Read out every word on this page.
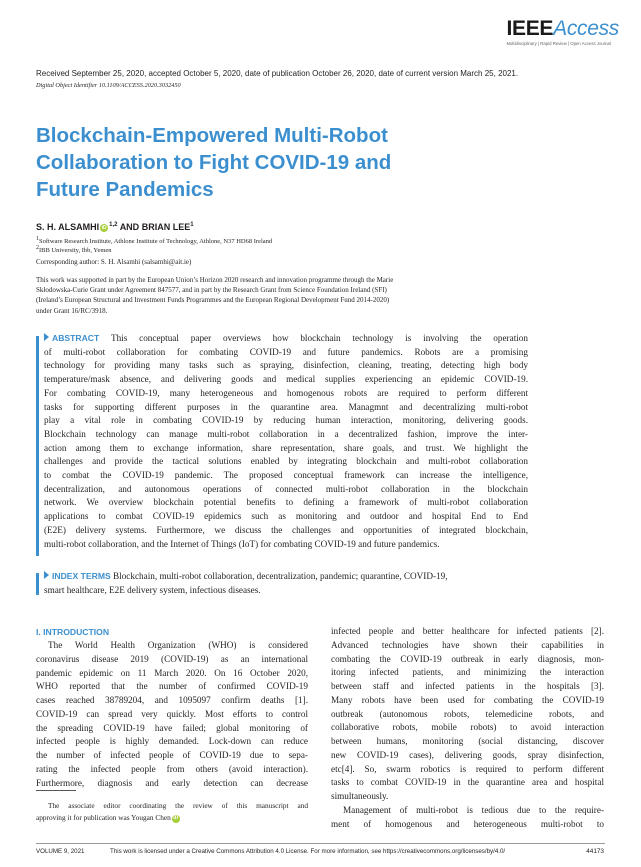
IEEEAccess
Multidisciplinary | Rapid Review | Open Access Journal
Received September 25, 2020, accepted October 5, 2020, date of publication October 26, 2020, date of current version March 25, 2021.
Digital Object Identifier 10.1109/ACCESS.2020.3032450
Blockchain-Empowered Multi-Robot
Collaboration to Fight COVID-19 and
Future Pandemics
S. H. ALSAMHI iD $^{1,2}$ AND BRIAN LEE$^1$
$^1$Software Research Institute, Athlone Institute of Technology, Athlone, N37 HD68 Ireland
$^2$IBB University, Ibb, Yemen
Corresponding author: S. H. Alsamhi (salsamhi@ait.ie)
This work was supported in part by the European Union’s Horizon 2020 research and innovation programme through the Marie
Skłodowska-Curie Grant under Agreement 847577, and in part by the Research Grant from Science Foundation Ireland (SFI)
(Ireland’s European Structural and Investment Funds Programmes and the European Regional Development Fund 2014-2020)
under Grant 16/RC/3918.
ABSTRACT This conceptual paper overviews how blockchain technology is involving the operation
of multi-robot collaboration for combating COVID-19 and future pandemics. Robots are a promising
technology for providing many tasks such as spraying, disinfection, cleaning, treating, detecting high body
temperature/mask absence, and delivering goods and medical supplies experiencing an epidemic COVID-19.
For combating COVID-19, many heterogeneous and homogenous robots are required to perform different
tasks for supporting different purposes in the quarantine area. Managmnt and decentralizing multi-robot
play a vital role in combating COVID-19 by reducing human interaction, monitoring, delivering goods.
Blockchain technology can manage multi-robot collaboration in a decentralized fashion, improve the inter-
action among them to exchange information, share representation, share goals, and trust. We highlight the
challenges and provide the tactical solutions enabled by integrating blockchain and multi-robot collaboration
to combat the COVID-19 pandemic. The proposed conceptual framework can increase the intelligence,
decentralization, and autonomous operations of connected multi-robot collaboration in the blockchain
network. We overview blockchain potential benefits to defining a framework of multi-robot collaboration
applications to combat COVID-19 epidemics such as monitoring and outdoor and hospital End to End
(E2E) delivery systems. Furthermore, we discuss the challenges and opportunities of integrated blockchain,
multi-robot collaboration, and the Internet of Things (IoT) for combating COVID-19 and future pandemics.
INDEX TERMS Blockchain, multi-robot collaboration, decentralization, pandemic; quarantine, COVID-19,
smart healthcare, E2E delivery system, infectious diseases.
I. INTRODUCTION
The World Health Organization (WHO) is considered
coronavirus disease 2019 (COVID-19) as an international
pandemic epidemic on 11 March 2020. On 16 October 2020,
WHO reported that the number of confirmed COVID-19
cases reached 38789204, and 1095097 confirm deaths [1].
COVID-19 can spread very quickly. Most efforts to control
the spreading COVID-19 have failed; global monitoring of
infected people is highly demanded. Lock-down can reduce
the number of infected people of COVID-19 due to sepa-
rating the infected people from others (avoid interaction).
Furthermore, diagnosis and early detection can decrease
infected people and better healthcare for infected patients [2].
Advanced technologies have shown their capabilities in
combating the COVID-19 outbreak in early diagnosis, mon-
itoring infected patients, and minimizing the interaction
between staff and infected patients in the hospitals [3].
Many robots have been used for combating the COVID-19
outbreak (autonomous robots, telemedicine robots, and
collaborative robots, mobile robots) to avoid interaction
between humans, monitoring (social distancing, discover
new COVID-19 cases), delivering goods, spray disinfection,
etc[4]. So, swarm robotics is required to perform different
tasks to combat COVID-19 in the quarantine area and hospital
simultaneously.
Management of multi-robot is tedious due to the require-
ment of homogenous and heterogeneous multi-robot to
The associate editor coordinating the review of this manuscript and
approving it for publication was Yougan Chen iD
VOLUME 9, 2021	This work is licensed under a Creative Commons Attribution 4.0 License. For more information, see https://creativecommons.org/licenses/by/4.0/	44173
